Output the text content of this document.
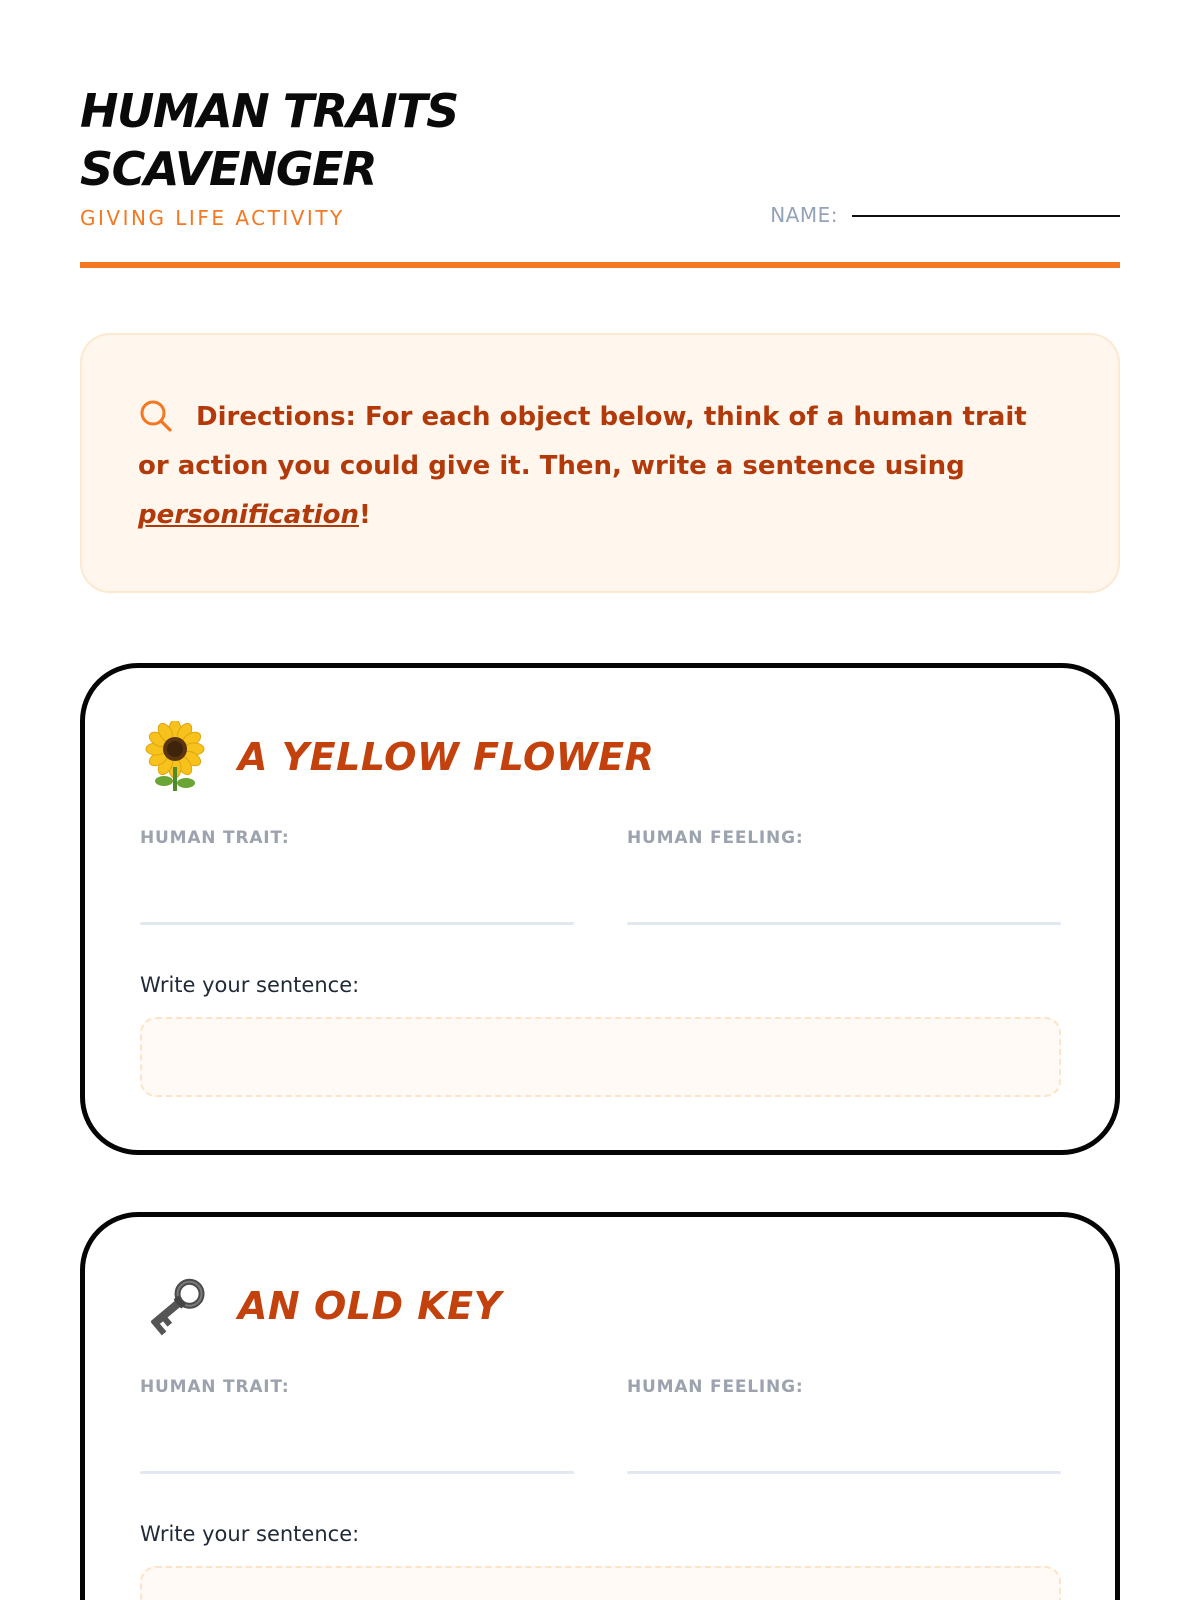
HUMAN TRAITS SCAVENGER
GIVING LIFE ACTIVITY	NAME:
Directions: For each object below, think of a human trait or action you could give it. Then, write a sentence using personification!
A YELLOW FLOWER
HUMAN TRAIT:	HUMAN FEELING:
Write your sentence:
AN OLD KEY
HUMAN TRAIT:	HUMAN FEELING:
Write your sentence:
